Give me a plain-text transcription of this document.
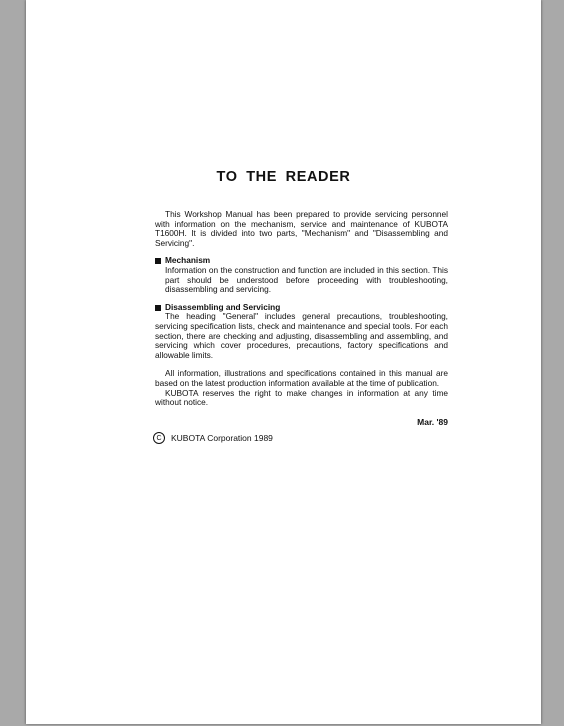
TO THE READER

This Workshop Manual has been prepared to provide servicing personnel with information on the mechanism, service and maintenance of KUBOTA T1600H. It is divided into two parts, "Mechanism" and "Disassembling and Servicing".

Mechanism

Information on the construction and function are included in this section. This part should be understood before proceeding with troubleshooting, disassembling and servicing.

Disassembling and Servicing

The heading "General" includes general precautions, troubleshooting, servicing specification lists, check and maintenance and special tools. For each section, there are checking and adjusting, disassembling and assembling, and servicing which cover procedures, precautions, factory specifications and allowable limits.

All information, illustrations and specifications contained in this manual are based on the latest production information available at the time of publication.

KUBOTA reserves the right to make changes in information at any time without notice.

Mar. '89
C	KUBOTA Corporation 1989
